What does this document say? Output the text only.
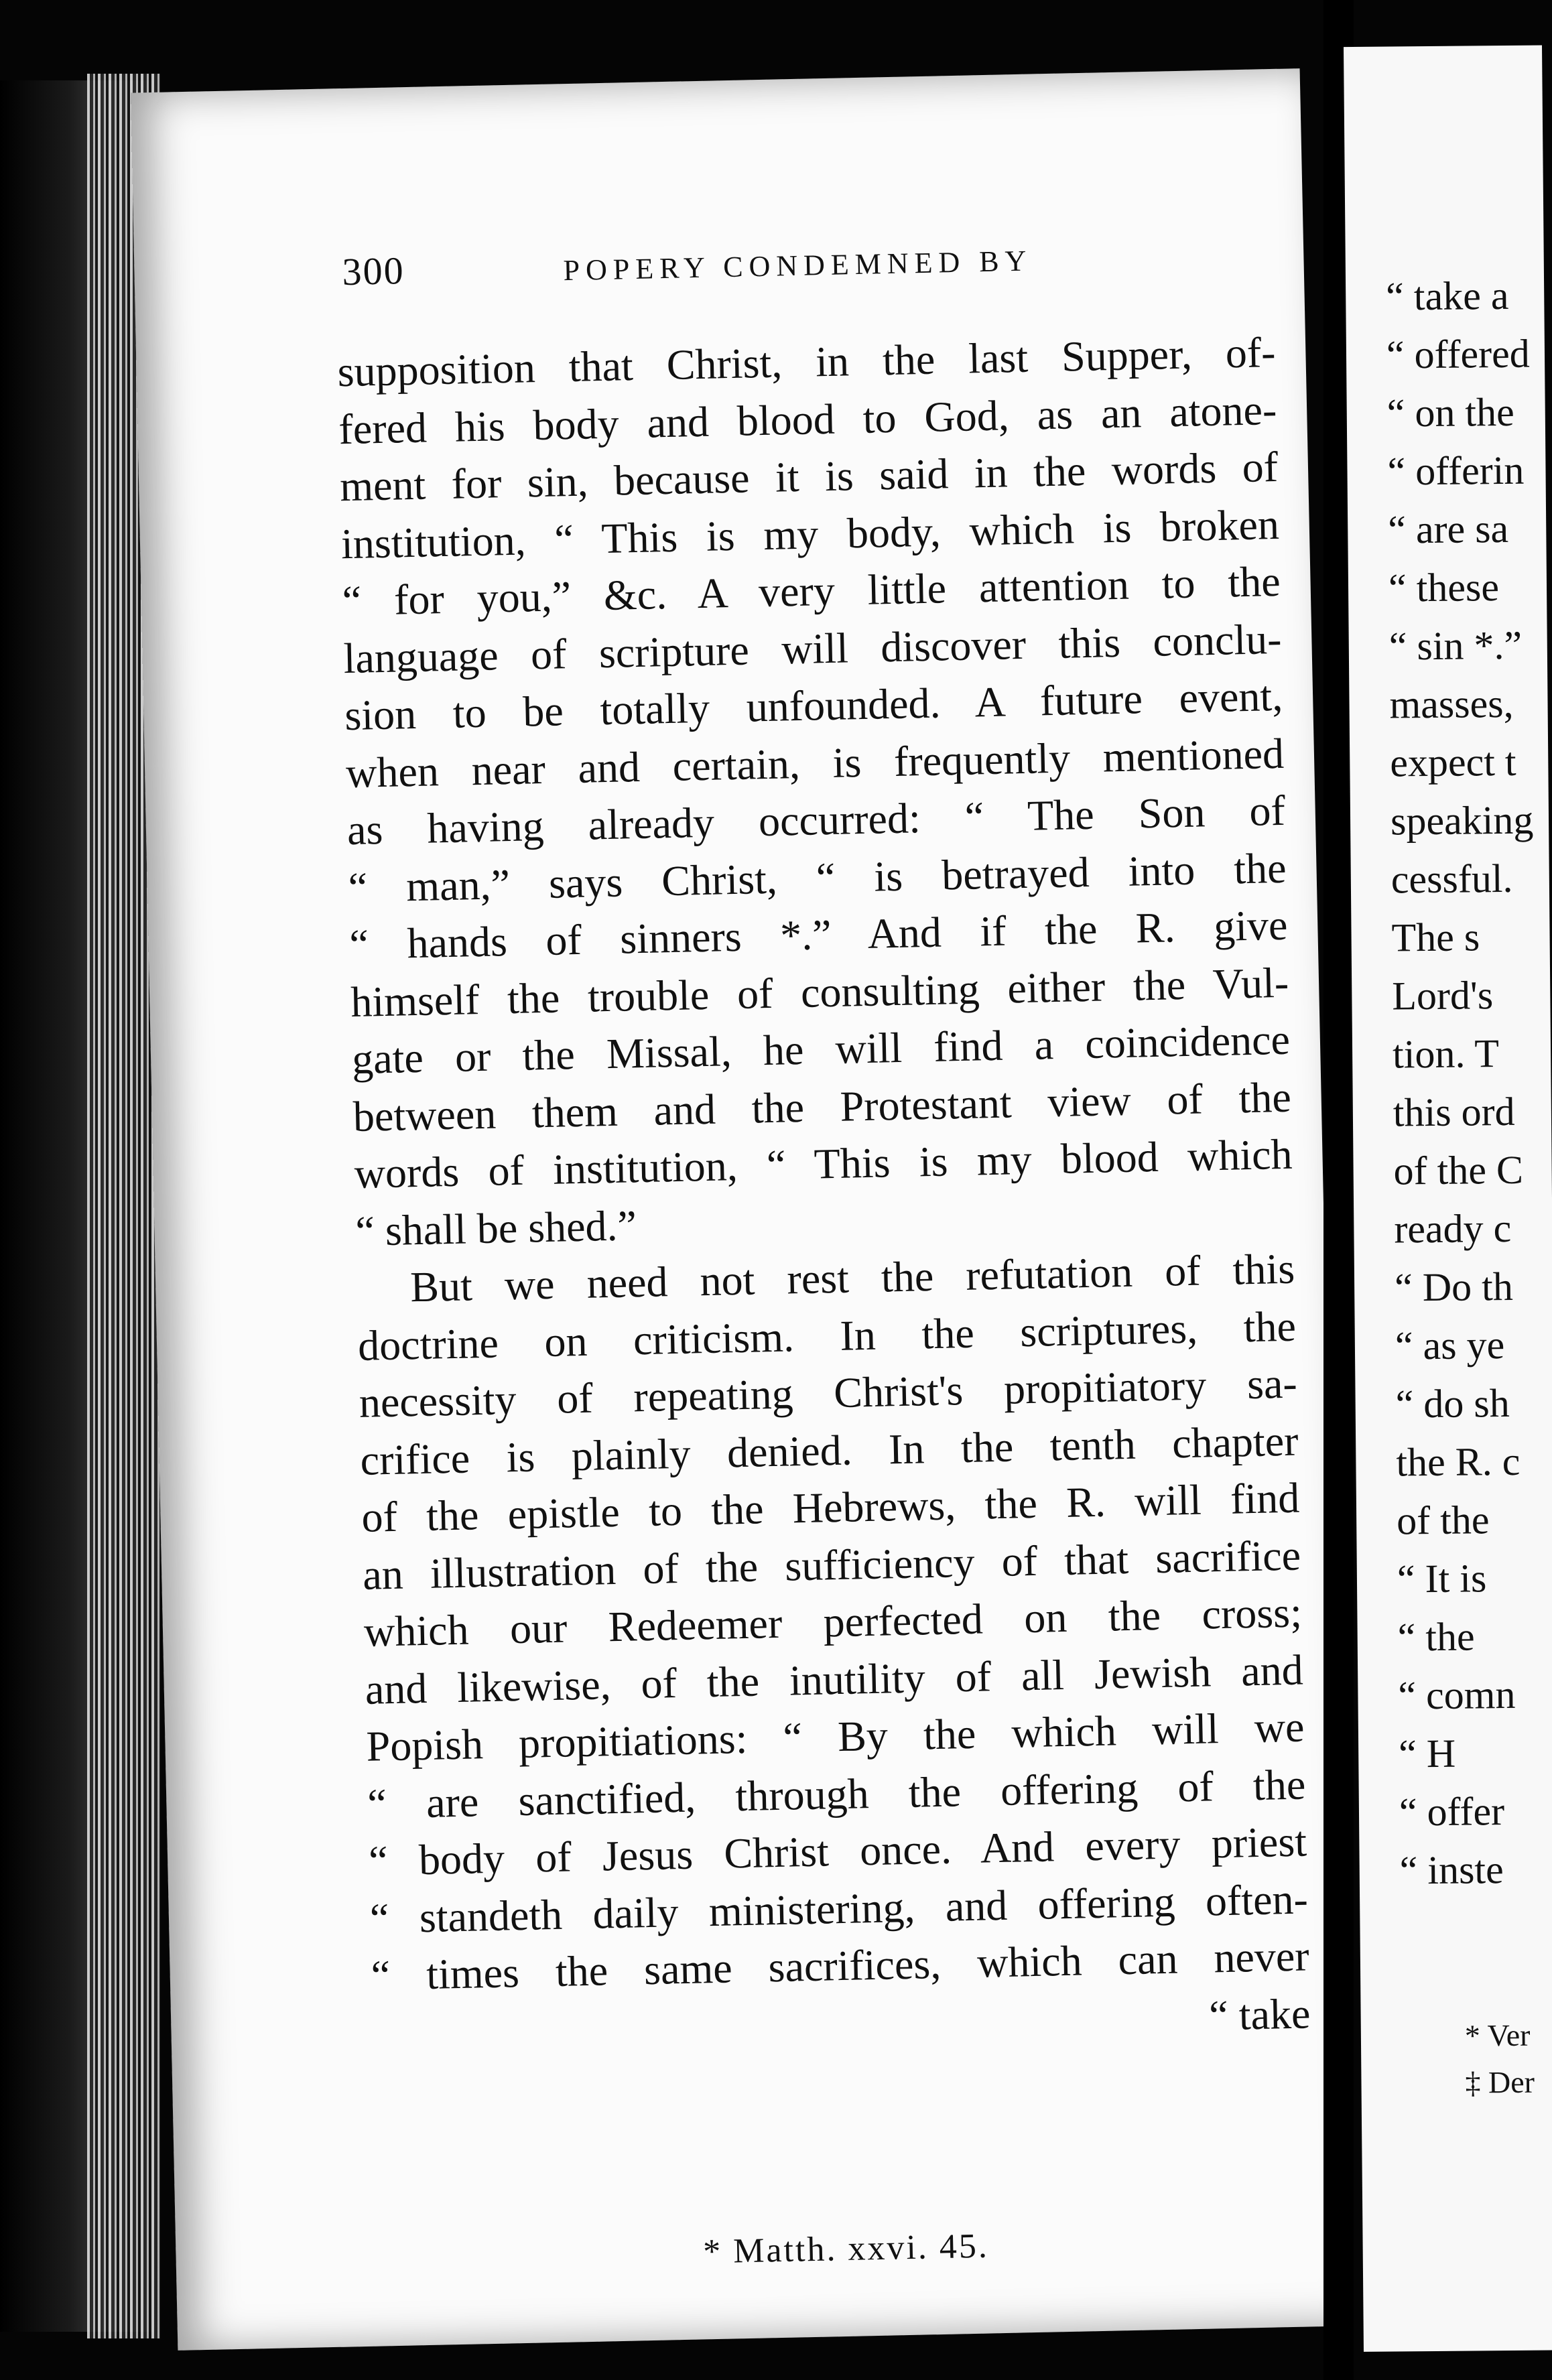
300	POPERY CONDEMNED BY
supposition that Christ, in the last Supper, of-
fered his body and blood to God, as an atone-
ment for sin, because it is said in the words of
institution, “ This is my body, which is broken
“ for you,” &c. A very little attention to the
language of scripture will discover this conclu-
sion to be totally unfounded. A future event,
when near and certain, is frequently mentioned
as having already occurred: “ The Son of
“ man,” says Christ, “ is betrayed into the
“ hands of sinners *.” And if the R. give
himself the trouble of consulting either the Vul-
gate or the Missal, he will find a coincidence
between them and the Protestant view of the
words of institution, “ This is my blood which
“ shall be shed.”
But we need not rest the refutation of this
doctrine on criticism. In the scriptures, the
necessity of repeating Christ's propitiatory sa-
crifice is plainly denied. In the tenth chapter
of the epistle to the Hebrews, the R. will find
an illustration of the sufficiency of that sacrifice
which our Redeemer perfected on the cross;
and likewise, of the inutility of all Jewish and
Popish propitiations: “ By the which will we
“ are sanctified, through the offering of the
“ body of Jesus Christ once. And every priest
“ standeth daily ministering, and offering often-
“ times the same sacrifices, which can never
“ take
* Matth. xxvi. 45.
“ take a
“ offered
“ on the
“ offerin
“ are sa
“ these
“ sin *.”
masses,
expect t
speaking
cessful.
The s
Lord's
tion. T
this ord
of the C
ready c
“ Do th
“ as ye
“ do sh
the R. c
of the
“ It is
“ the
“ comn
“ H
“ offer
“ inste
* Ver
‡ Der
